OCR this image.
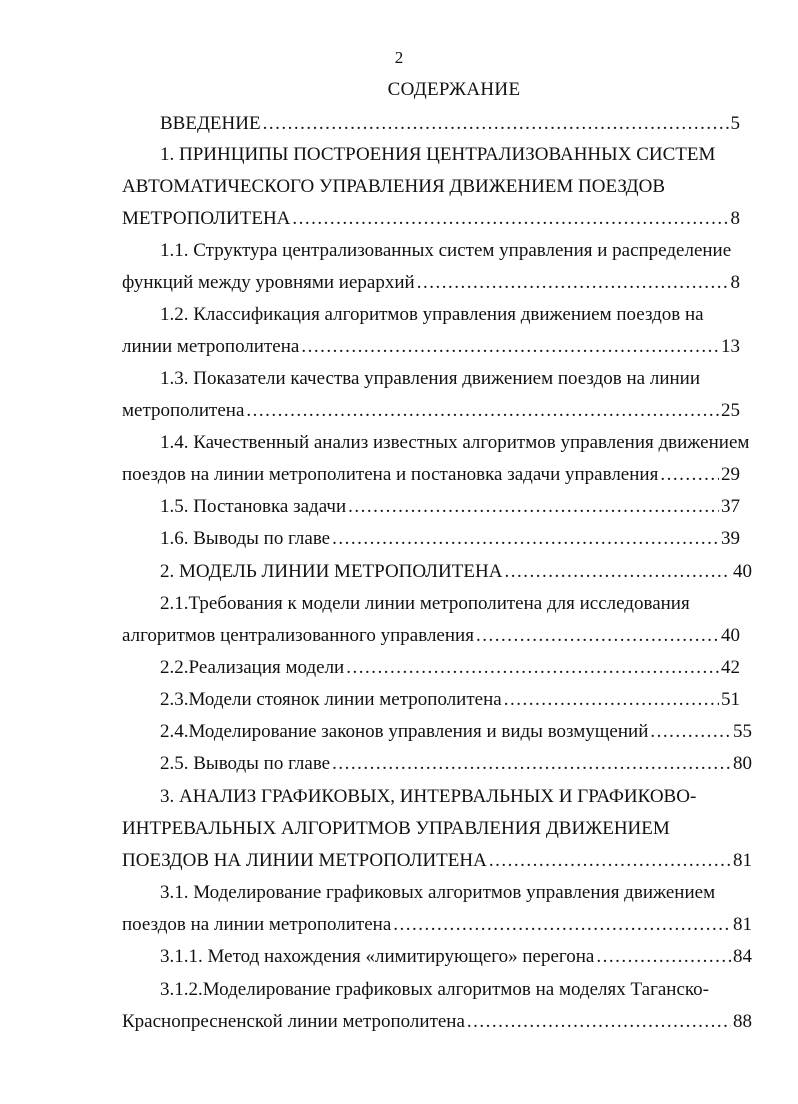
2
СОДЕРЖАНИЕ
ВВЕДЕНИЕ .....	5
1. ПРИНЦИПЫ ПОСТРОЕНИЯ ЦЕНТРАЛИЗОВАННЫХ СИСТЕМ
АВТОМАТИЧЕСКОГО УПРАВЛЕНИЯ ДВИЖЕНИЕМ ПОЕЗДОВ
МЕТРОПОЛИТЕНА .....	8
1.1. Структура централизованных систем управления и распределение
функций между уровнями иерархий .....	8
1.2. Классификация алгоритмов управления движением поездов на
линии метрополитена .....	13
1.3. Показатели качества управления движением поездов на линии
метрополитена .....	25
1.4. Качественный анализ известных алгоритмов управления движением
поездов на линии метрополитена и постановка задачи управления .....	29
1.5. Постановка задачи .....	37
1.6. Выводы по главе .....	39
2. МОДЕЛЬ ЛИНИИ МЕТРОПОЛИТЕНА .....	40
2.1.Требования к модели линии метрополитена для исследования
алгоритмов централизованного управления .....	40
2.2.Реализация модели .....	42
2.3.Модели стоянок линии метрополитена .....	51
2.4.Моделирование законов управления и виды возмущений .....	55
2.5. Выводы по главе .....	80
3. АНАЛИЗ ГРАФИКОВЫХ, ИНТЕРВАЛЬНЫХ И ГРАФИКОВО-
ИНТРЕВАЛЬНЫХ АЛГОРИТМОВ УПРАВЛЕНИЯ ДВИЖЕНИЕМ
ПОЕЗДОВ НА ЛИНИИ МЕТРОПОЛИТЕНА .....	81
3.1. Моделирование графиковых алгоритмов управления движением
поездов на линии метрополитена .....	81
3.1.1. Метод нахождения «лимитирующего» перегона .....	84
3.1.2.Моделирование графиковых алгоритмов на моделях Таганско-
Краснопресненской линии метрополитена .....	88
